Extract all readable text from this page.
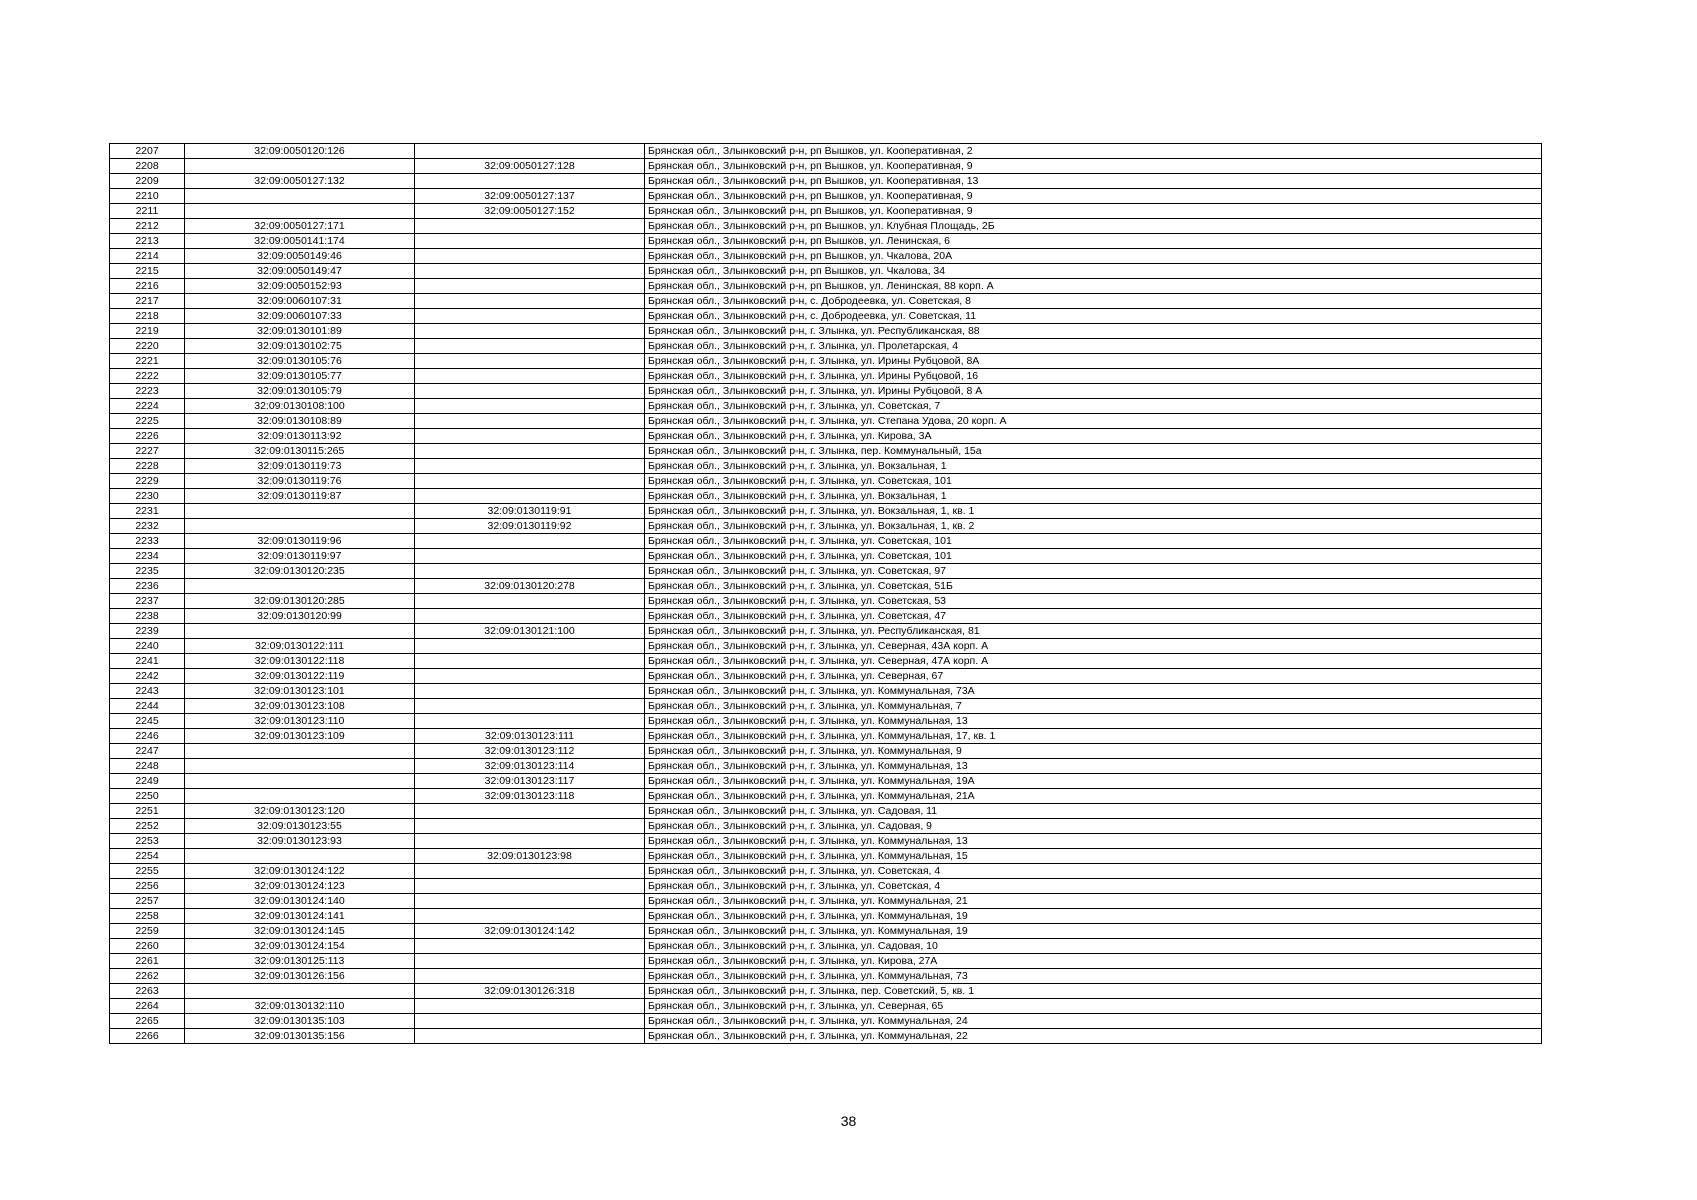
2207	32:09:0050120:126		Брянская обл., Злынковский р-н, рп Вышков, ул. Кооперативная, 2
2208		32:09:0050127:128	Брянская обл., Злынковский р-н, рп Вышков, ул. Кооперативная, 9
2209	32:09:0050127:132		Брянская обл., Злынковский р-н, рп Вышков, ул. Кооперативная, 13
2210		32:09:0050127:137	Брянская обл., Злынковский р-н, рп Вышков, ул. Кооперативная, 9
2211		32:09:0050127:152	Брянская обл., Злынковский р-н, рп Вышков, ул. Кооперативная, 9
2212	32:09:0050127:171		Брянская обл., Злынковский р-н, рп Вышков, ул. Клубная Площадь, 2Б
2213	32:09:0050141:174		Брянская обл., Злынковский р-н, рп Вышков, ул. Ленинская, 6
2214	32:09:0050149:46		Брянская обл., Злынковский р-н, рп Вышков, ул. Чкалова, 20А
2215	32:09:0050149:47		Брянская обл., Злынковский р-н, рп Вышков, ул. Чкалова, 34
2216	32:09:0050152:93		Брянская обл., Злынковский р-н, рп Вышков, ул. Ленинская, 88 корп. А
2217	32:09:0060107:31		Брянская обл., Злынковский р-н, с. Добродеевка, ул. Советская, 8
2218	32:09:0060107:33		Брянская обл., Злынковский р-н, с. Добродеевка, ул. Советская, 11
2219	32:09:0130101:89		Брянская обл., Злынковский р-н, г. Злынка, ул. Республиканская, 88
2220	32:09:0130102:75		Брянская обл., Злынковский р-н, г. Злынка, ул. Пролетарская, 4
2221	32:09:0130105:76		Брянская обл., Злынковский р-н, г. Злынка, ул. Ирины Рубцовой, 8А
2222	32:09:0130105:77		Брянская обл., Злынковский р-н, г. Злынка, ул. Ирины Рубцовой, 16
2223	32:09:0130105:79		Брянская обл., Злынковский р-н, г. Злынка, ул. Ирины Рубцовой, 8 А
2224	32:09:0130108:100		Брянская обл., Злынковский р-н, г. Злынка, ул. Советская, 7
2225	32:09:0130108:89		Брянская обл., Злынковский р-н, г. Злынка, ул. Степана Удова, 20 корп. А
2226	32:09:0130113:92		Брянская обл., Злынковский р-н, г. Злынка, ул. Кирова, 3А
2227	32:09:0130115:265		Брянская обл., Злынковский р-н, г. Злынка, пер. Коммунальный, 15а
2228	32:09:0130119:73		Брянская обл., Злынковский р-н, г. Злынка, ул. Вокзальная, 1
2229	32:09:0130119:76		Брянская обл., Злынковский р-н, г. Злынка, ул. Советская, 101
2230	32:09:0130119:87		Брянская обл., Злынковский р-н, г. Злынка, ул. Вокзальная, 1
2231		32:09:0130119:91	Брянская обл., Злынковский р-н, г. Злынка, ул. Вокзальная, 1, кв. 1
2232		32:09:0130119:92	Брянская обл., Злынковский р-н, г. Злынка, ул. Вокзальная, 1, кв. 2
2233	32:09:0130119:96		Брянская обл., Злынковский р-н, г. Злынка, ул. Советская, 101
2234	32:09:0130119:97		Брянская обл., Злынковский р-н, г. Злынка, ул. Советская, 101
2235	32:09:0130120:235		Брянская обл., Злынковский р-н, г. Злынка, ул. Советская, 97
2236		32:09:0130120:278	Брянская обл., Злынковский р-н, г. Злынка, ул. Советская, 51Б
2237	32:09:0130120:285		Брянская обл., Злынковский р-н, г. Злынка, ул. Советская, 53
2238	32:09:0130120:99		Брянская обл., Злынковский р-н, г. Злынка, ул. Советская, 47
2239		32:09:0130121:100	Брянская обл., Злынковский р-н, г. Злынка, ул. Республиканская, 81
2240	32:09:0130122:111		Брянская обл., Злынковский р-н, г. Злынка, ул. Северная, 43А корп. А
2241	32:09:0130122:118		Брянская обл., Злынковский р-н, г. Злынка, ул. Северная, 47А корп. А
2242	32:09:0130122:119		Брянская обл., Злынковский р-н, г. Злынка, ул. Северная, 67
2243	32:09:0130123:101		Брянская обл., Злынковский р-н, г. Злынка, ул. Коммунальная, 73А
2244	32:09:0130123:108		Брянская обл., Злынковский р-н, г. Злынка, ул. Коммунальная, 7
2245	32:09:0130123:110		Брянская обл., Злынковский р-н, г. Злынка, ул. Коммунальная, 13
2246	32:09:0130123:109	32:09:0130123:111	Брянская обл., Злынковский р-н, г. Злынка, ул. Коммунальная, 17, кв. 1
2247		32:09:0130123:112	Брянская обл., Злынковский р-н, г. Злынка, ул. Коммунальная, 9
2248		32:09:0130123:114	Брянская обл., Злынковский р-н, г. Злынка, ул. Коммунальная, 13
2249		32:09:0130123:117	Брянская обл., Злынковский р-н, г. Злынка, ул. Коммунальная, 19А
2250		32:09:0130123:118	Брянская обл., Злынковский р-н, г. Злынка, ул. Коммунальная, 21А
2251	32:09:0130123:120		Брянская обл., Злынковский р-н, г. Злынка, ул. Садовая, 11
2252	32:09:0130123:55		Брянская обл., Злынковский р-н, г. Злынка, ул. Садовая, 9
2253	32:09:0130123:93		Брянская обл., Злынковский р-н, г. Злынка, ул. Коммунальная, 13
2254		32:09:0130123:98	Брянская обл., Злынковский р-н, г. Злынка, ул. Коммунальная, 15
2255	32:09:0130124:122		Брянская обл., Злынковский р-н, г. Злынка, ул. Советская, 4
2256	32:09:0130124:123		Брянская обл., Злынковский р-н, г. Злынка, ул. Советская, 4
2257	32:09:0130124:140		Брянская обл., Злынковский р-н, г. Злынка, ул. Коммунальная, 21
2258	32:09:0130124:141		Брянская обл., Злынковский р-н, г. Злынка, ул. Коммунальная, 19
2259	32:09:0130124:145	32:09:0130124:142	Брянская обл., Злынковский р-н, г. Злынка, ул. Коммунальная, 19
2260	32:09:0130124:154		Брянская обл., Злынковский р-н, г. Злынка, ул. Садовая, 10
2261	32:09:0130125:113		Брянская обл., Злынковский р-н, г. Злынка, ул. Кирова, 27А
2262	32:09:0130126:156		Брянская обл., Злынковский р-н, г. Злынка, ул. Коммунальная, 73
2263		32:09:0130126:318	Брянская обл., Злынковский р-н, г. Злынка, пер. Советский, 5, кв. 1
2264	32:09:0130132:110		Брянская обл., Злынковский р-н, г. Злынка, ул. Северная, 65
2265	32:09:0130135:103		Брянская обл., Злынковский р-н, г. Злынка, ул. Коммунальная, 24
2266	32:09:0130135:156		Брянская обл., Злынковский р-н, г. Злынка, ул. Коммунальная, 22
38
